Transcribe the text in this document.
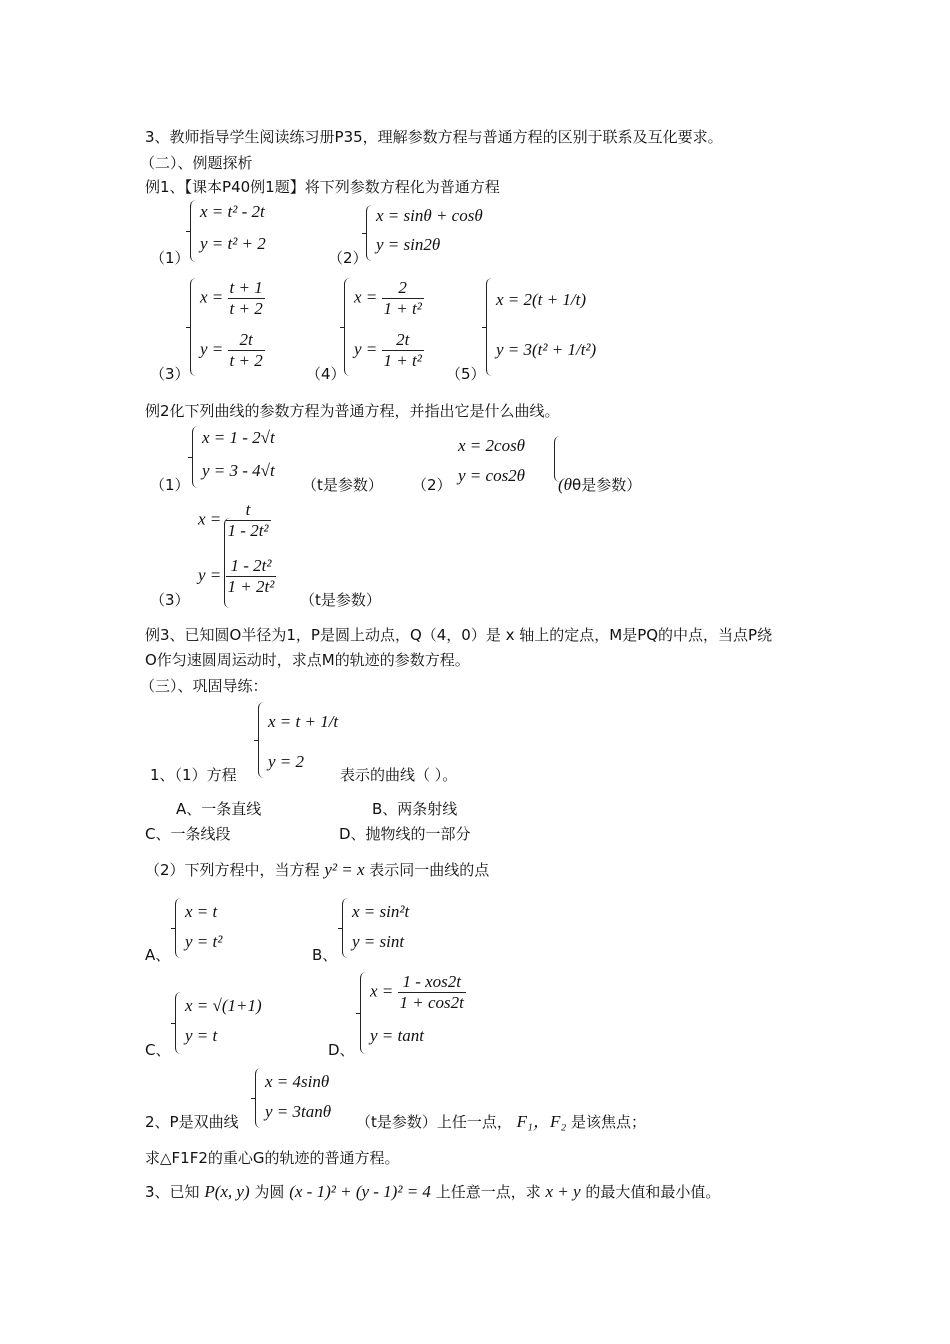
3、教师指导学生阅读练习册P35，理解参数方程与普通方程的区别于联系及互化要求。
（二）、例题探析
例1、【课本P40例1题】将下列参数方程化为普通方程
（1）
x = t² - 2t
y = t² + 2
（2）
x = sinθ + cosθ
y = sin2θ
（3）
$x = \frac{t + 1}{t + 2}$
$y = \frac{2t}{t + 2}$
（4）
$x = \frac{2}{\text{1 + t²}}$
$y = \frac{2t}{\text{1 + t²}}$
（5）
x = 2(t + 1/t)
y = 3(t² + 1/t²)
例2化下列曲线的参数方程为普通方程，并指出它是什么曲线。
（1）
x = 1 - 2√t
y = 3 - 4√t
（t是参数） （2）
x = 2cosθ
y = cos2θ (θθ是参数）
（3）
$x = \frac{t}{\text{1 - 2t²}}$
$y = \frac{\text{1 - 2t²}}{\text{1 + 2t²}}$
（t是参数）
例3、已知圆O半径为1，P是圆上动点，Q（4，0）是 x 轴上的定点，M是PQ的中点，当点P绕
O作匀速圆周运动时，求点M的轨迹的参数方程。
（三）、巩固导练：
1、（1）方程
x = t + 1/t
y = 2
表示的曲线（ ）。
A、一条直线	B、两条射线
C、一条线段	D、抛物线的一部分
（2）下列方程中，当方程 y² = x 表示同一曲线的点
A、
x = t
y = t²
B、
x = sin²t
y = sint
C、
x = √(1+1)
y = t
D、
$x = \frac{\text{1 - xos2t}}{1 + \cos 2t}$
y = tant
2、P是双曲线
x = 4sinθ
y = 3tanθ
（t是参数）上任一点， F₁，F₂ 是该焦点；
求△F1F2的重心G的轨迹的普通方程。
3、已知 P(x, y) 为圆 (x - 1)² + (y - 1)² = 4 上任意一点，求 x + y 的最大值和最小值。
